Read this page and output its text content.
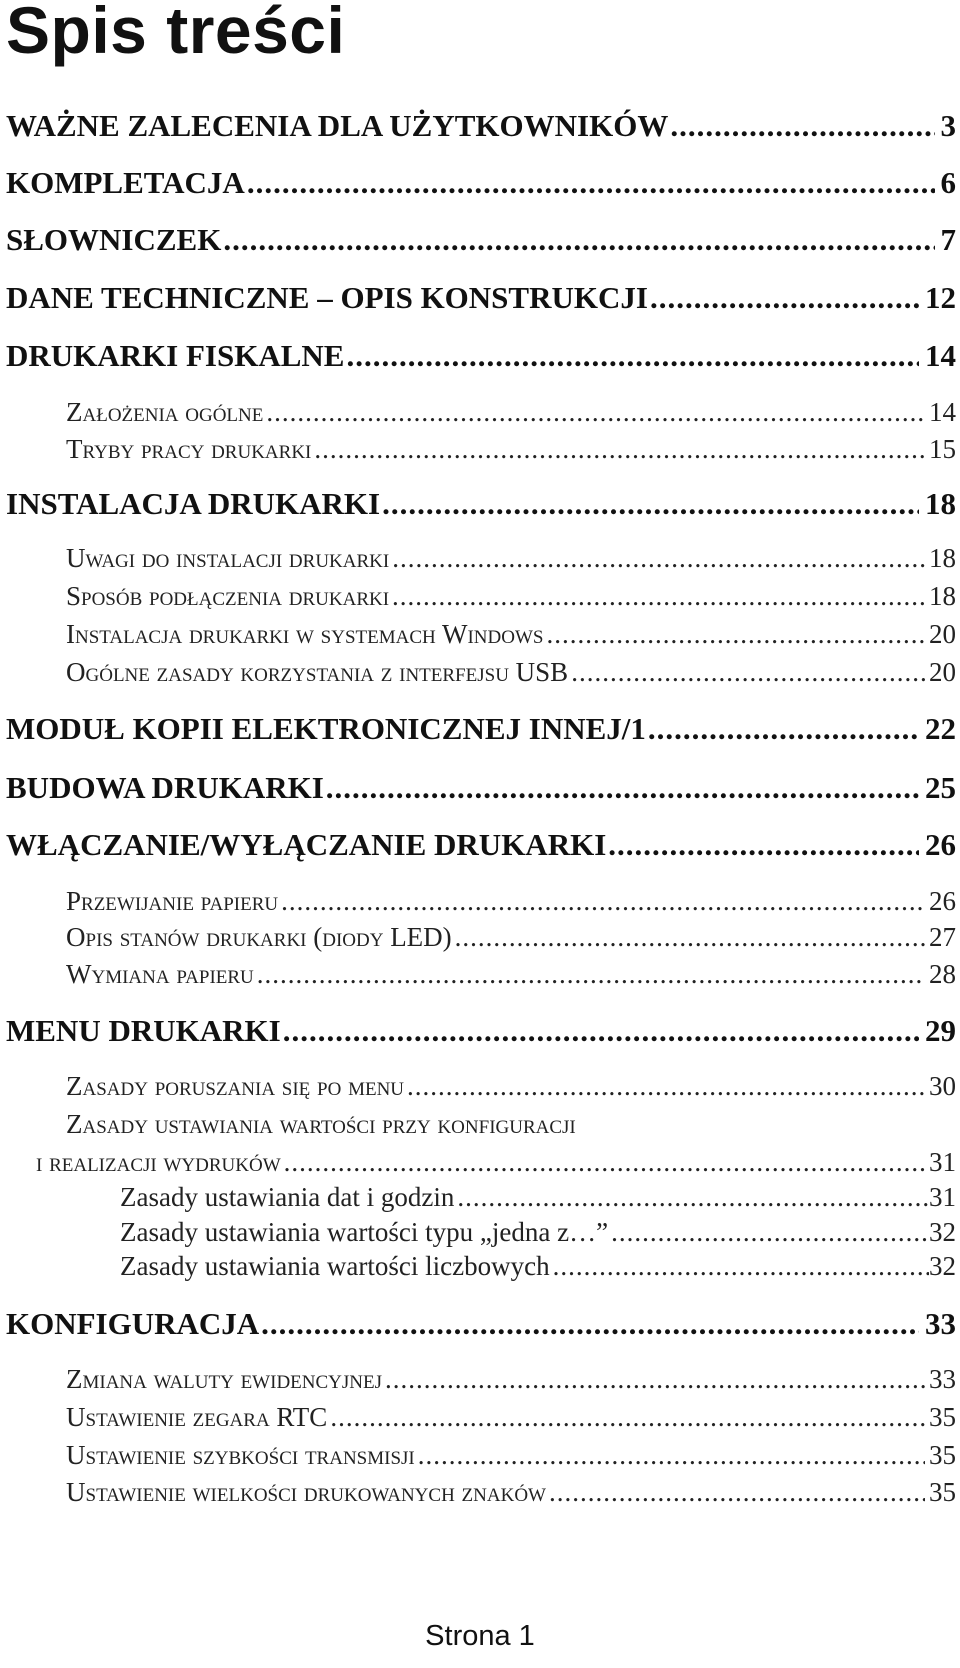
Spis treści
WAŻNE ZALECENIA DLA UŻYTKOWNIKÓW .....	3
KOMPLETACJA .....	6
SŁOWNICZEK .....	7
DANE TECHNICZNE – OPIS KONSTRUKCJI .....	12
DRUKARKI FISKALNE .....	14
Założenia ogólne .....	14
Tryby pracy drukarki .....	15
INSTALACJA DRUKARKI .....	18
Uwagi do instalacji drukarki .....	18
Sposób podłączenia drukarki .....	18
Instalacja drukarki w systemach Windows .....	20
Ogólne zasady korzystania z interfejsu USB .....	20
MODUŁ KOPII ELEKTRONICZNEJ INNEJ/1 .....	22
BUDOWA DRUKARKI .....	25
WŁĄCZANIE/WYŁĄCZANIE DRUKARKI .....	26
Przewijanie papieru .....	26
Opis stanów drukarki (diody LED) .....	27
Wymiana papieru .....	28
MENU DRUKARKI .....	29
Zasady poruszania się po menu .....	30
Zasady ustawiania wartości przy konfiguracji
i realizacji wydruków .....	31
Zasady ustawiania dat i godzin .....	31
Zasady ustawiania wartości typu „jedna z…” .....	32
Zasady ustawiania wartości liczbowych .....	32
KONFIGURACJA .....	33
Zmiana waluty ewidencyjnej .....	33
Ustawienie zegara RTC .....	35
Ustawienie szybkości transmisji .....	35
Ustawienie wielkości drukowanych znaków .....	35
Strona 1
